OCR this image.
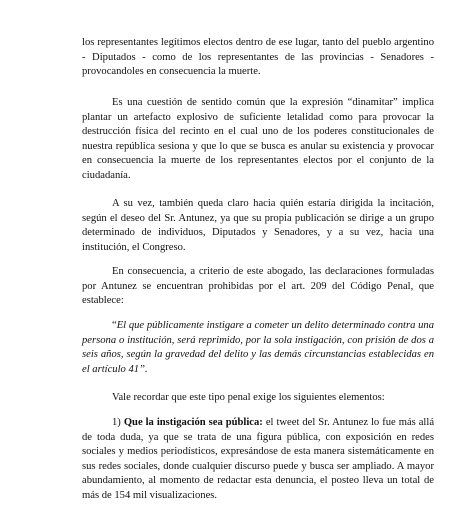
los representantes legítimos electos dentro de ese lugar, tanto del pueblo argentino - Diputados - como de los representantes de las provincias - Senadores - provocandoles en consecuencia la muerte.

Es una cuestión de sentido común que la expresión “dinamitar” implica plantar un artefacto explosivo de suficiente letalidad como para provocar la destrucción física del recinto en el cual uno de los poderes constitucionales de nuestra república sesiona y que lo que se busca es anular su existencia y provocar en consecuencia la muerte de los representantes electos por el conjunto de la ciudadanía.

A su vez, también queda claro hacia quién estaría dirigida la incitación, según el deseo del Sr. Antunez, ya que su propia publicación se dirige a un grupo determinado de individuos, Diputados y Senadores, y a su vez, hacia una institución, el Congreso.

En consecuencia, a criterio de este abogado, las declaraciones formuladas por Antunez se encuentran prohibidas por el art. 209 del Código Penal, que establece:

“El que públicamente instigare a cometer un delito determinado contra una persona o institución, será reprimido, por la sola instigación, con prisión de dos a seis años, según la gravedad del delito y las demás circunstancias establecidas en el artículo 41”.

Vale recordar que este tipo penal exige los siguientes elementos:

1) Que la instigación sea pública: el tweet del Sr. Antunez lo fue más allá de toda duda, ya que se trata de una figura pública, con exposición en redes sociales y medios periodísticos, expresándose de esta manera sistemáticamente en sus redes sociales, donde cualquier discurso puede y busca ser ampliado. A mayor abundamiento, al momento de redactar esta denuncia, el posteo lleva un total de más de 154 mil visualizaciones.
